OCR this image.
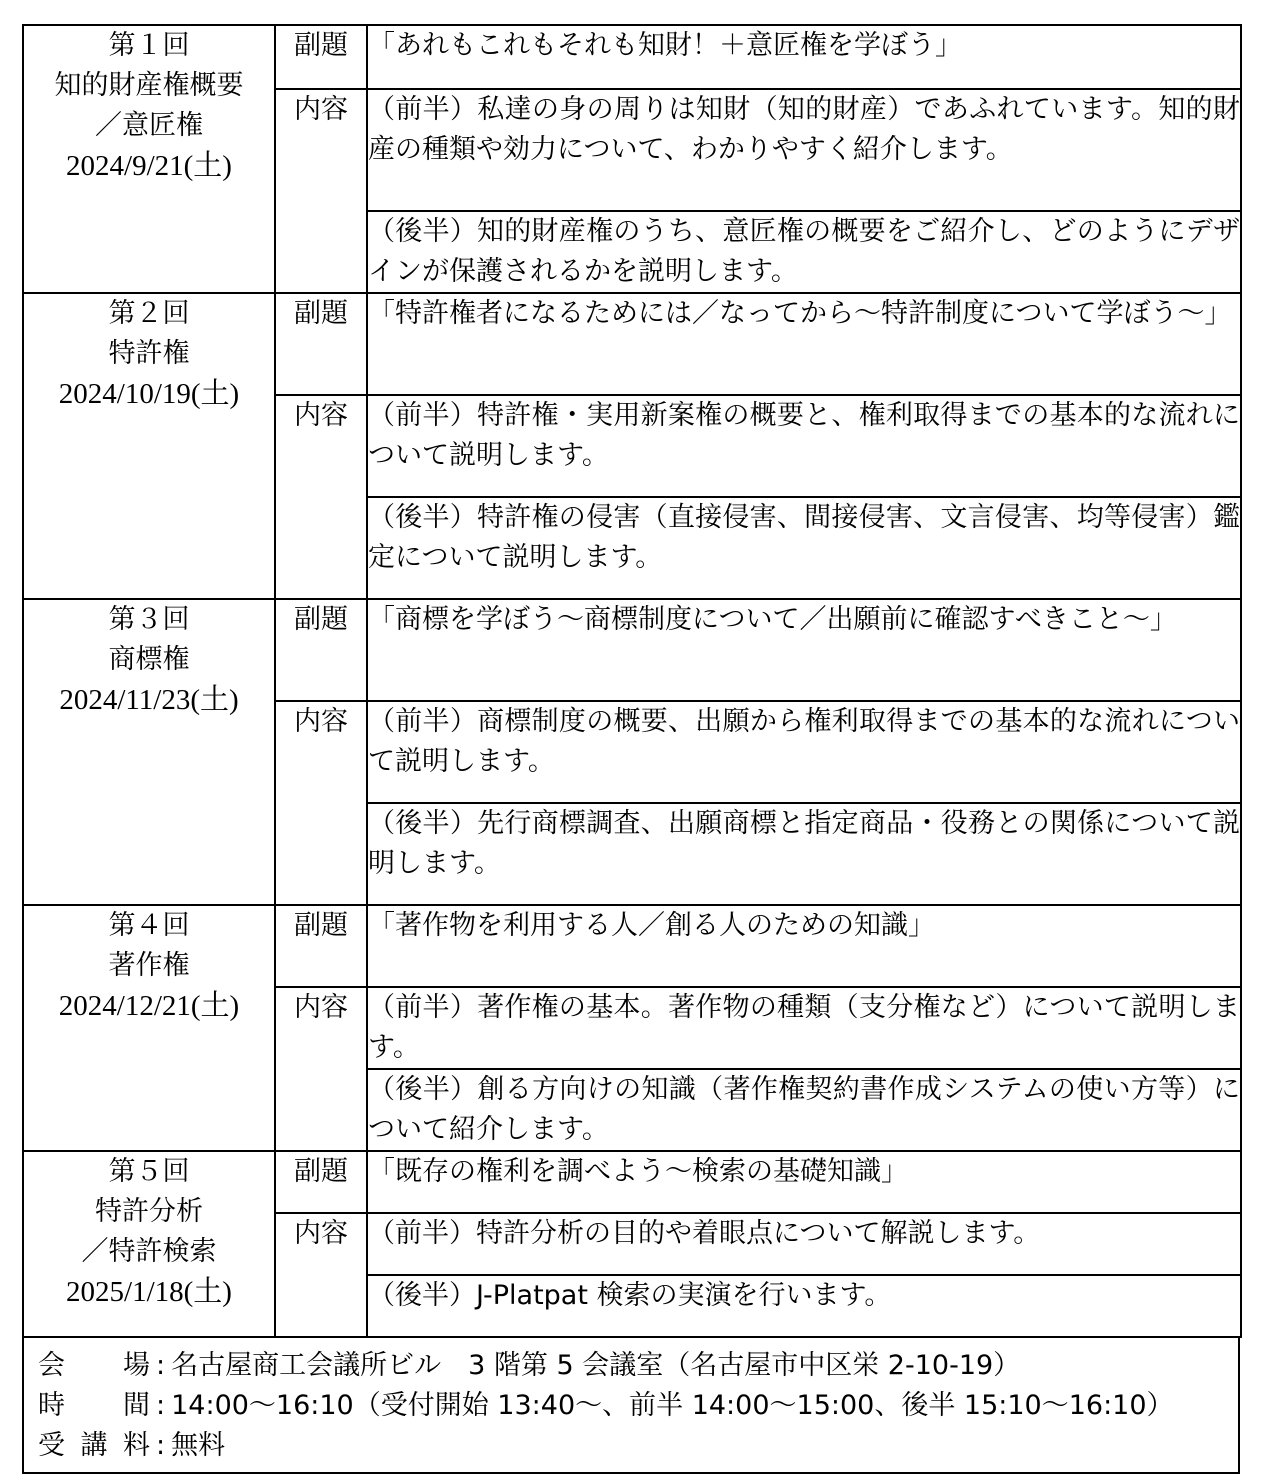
第１回
知的財産権概要
／意匠権
2024/9/21(土)	副題	「あれもこれもそれも知財！＋意匠権を学ぼう」
	内容	（前半）私達の身の周りは知財（知的財産）であふれています。知的財産の種類や効力について、わかりやすく紹介します。
		（後半）知的財産権のうち、意匠権の概要をご紹介し、どのようにデザインが保護されるかを説明します。

第２回
特許権
2024/10/19(土)	副題	「特許権者になるためには／なってから～特許制度について学ぼう～」
	内容	（前半）特許権・実用新案権の概要と、権利取得までの基本的な流れについて説明します。
		（後半）特許権の侵害（直接侵害、間接侵害、文言侵害、均等侵害）鑑定について説明します。

第３回
商標権
2024/11/23(土)	副題	「商標を学ぼう～商標制度について／出願前に確認すべきこと～」
	内容	（前半）商標制度の概要、出願から権利取得までの基本的な流れについて説明します。
		（後半）先行商標調査、出願商標と指定商品・役務との関係について説明します。

第４回
著作権
2024/12/21(土)	副題	「著作物を利用する人／創る人のための知識」
	内容	（前半）著作権の基本。著作物の種類（支分権など）について説明します。
		（後半）創る方向けの知識（著作権契約書作成システムの使い方等）について紹介します。

第５回
特許分析
／特許検索
2025/1/18(土)	副題	「既存の権利を調べよう～検索の基礎知識」
	内容	（前半）特許分析の目的や着眼点について解説します。
		（後半）J-Platpat 検索の実演を行います。
会　場 : 名古屋商工会議所ビル　3 階第 5 会議室（名古屋市中区栄 2-10-19）
時　間 : 14:00～16:10（受付開始 13:40～、前半 14:00～15:00、後半 15:10～16:10）
受講料 : 無料
